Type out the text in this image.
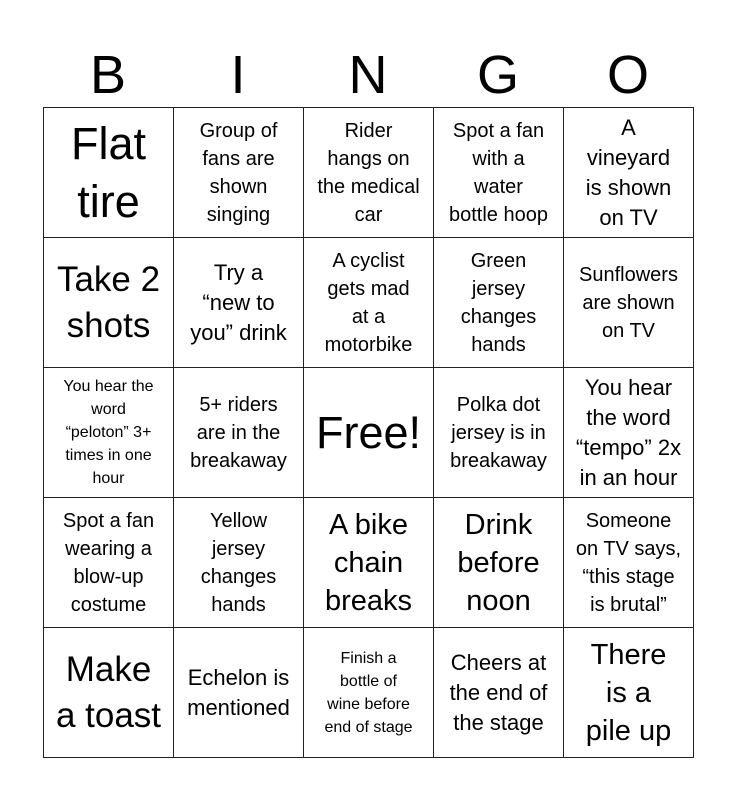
B	I	N	G	O
Flat
tire	Group of
fans are
shown
singing	Rider
hangs on
the medical
car	Spot a fan
with a
water
bottle hoop	A
vineyard
is shown
on TV
Take 2
shots	Try a
“new to
you” drink	A cyclist
gets mad
at a
motorbike	Green
jersey
changes
hands	Sunflowers
are shown
on TV
You hear the
word
“peloton” 3+
times in one
hour	5+ riders
are in the
breakaway	Free!	Polka dot
jersey is in
breakaway	You hear
the word
“tempo” 2x
in an hour
Spot a fan
wearing a
blow-up
costume	Yellow
jersey
changes
hands	A bike
chain
breaks	Drink
before
noon	Someone
on TV says,
“this stage
is brutal”
Make
a toast	Echelon is
mentioned	Finish a
bottle of
wine before
end of stage	Cheers at
the end of
the stage	There
is a
pile up
